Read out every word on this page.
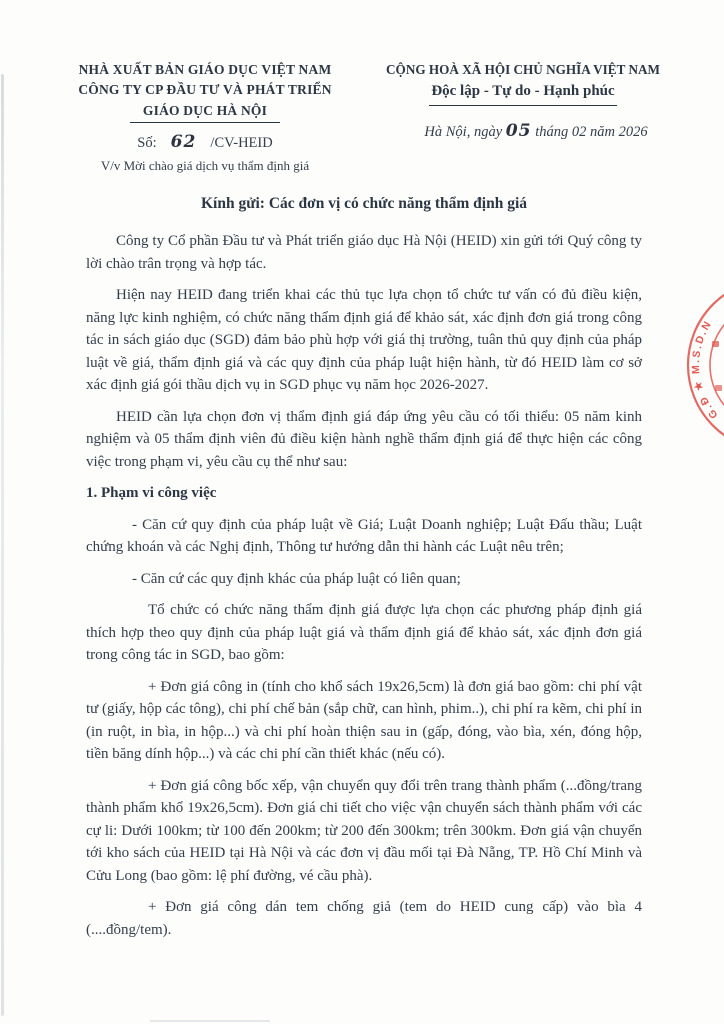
NHÀ XUẤT BẢN GIÁO DỤC VIỆT NAM
CÔNG TY CP ĐẦU TƯ VÀ PHÁT TRIỂN
GIÁO DỤC HÀ NỘI
Số: 62 /CV-HEID
V/v Mời chào giá dịch vụ thẩm định giá
CỘNG HOÀ XÃ HỘI CHỦ NGHĨA VIỆT NAM
Độc lập - Tự do - Hạnh phúc
Hà Nội, ngày 05 tháng 02 năm 2026
Kính gửi: Các đơn vị có chức năng thẩm định giá

Công ty Cổ phần Đầu tư và Phát triển giáo dục Hà Nội (HEID) xin gửi tới Quý công ty lời chào trân trọng và hợp tác.

Hiện nay HEID đang triển khai các thủ tục lựa chọn tổ chức tư vấn có đủ điều kiện, năng lực kinh nghiệm, có chức năng thẩm định giá để khảo sát, xác định đơn giá trong công tác in sách giáo dục (SGD) đảm bảo phù hợp với giá thị trường, tuân thủ quy định của pháp luật về giá, thẩm định giá và các quy định của pháp luật hiện hành, từ đó HEID làm cơ sở xác định giá gói thầu dịch vụ in SGD phục vụ năm học 2026-2027.

HEID cần lựa chọn đơn vị thẩm định giá đáp ứng yêu cầu có tối thiểu: 05 năm kinh nghiệm và 05 thẩm định viên đủ điều kiện hành nghề thẩm định giá để thực hiện các công việc trong phạm vi, yêu cầu cụ thể như sau:

1. Phạm vi công việc

- Căn cứ quy định của pháp luật về Giá; Luật Doanh nghiệp; Luật Đấu thầu; Luật chứng khoán và các Nghị định, Thông tư hướng dẫn thi hành các Luật nêu trên;

- Căn cứ các quy định khác của pháp luật có liên quan;

Tổ chức có chức năng thẩm định giá được lựa chọn các phương pháp định giá thích hợp theo quy định của pháp luật giá và thẩm định giá để khảo sát, xác định đơn giá trong công tác in SGD, bao gồm:

+ Đơn giá công in (tính cho khổ sách 19x26,5cm) là đơn giá bao gồm: chi phí vật tư (giấy, hộp các tông), chi phí chế bản (sắp chữ, can hình, phim..), chi phí ra kẽm, chi phí in (in ruột, in bìa, in hộp...) và chi phí hoàn thiện sau in (gấp, đóng, vào bìa, xén, đóng hộp, tiền băng dính hộp...) và các chi phí cần thiết khác (nếu có).

+ Đơn giá công bốc xếp, vận chuyển quy đổi trên trang thành phẩm (...đồng/trang thành phẩm khổ 19x26,5cm). Đơn giá chi tiết cho việc vận chuyển sách thành phẩm với các cự li: Dưới 100km; từ 100 đến 200km; từ 200 đến 300km; trên 300km. Đơn giá vận chuyển tới kho sách của HEID tại Hà Nội và các đơn vị đầu mối tại Đà Nẵng, TP. Hồ Chí Minh và Cửu Long (bao gồm: lệ phí đường, vé cầu phà).

+ Đơn giá công dán tem chống giả (tem do HEID cung cấp) vào bìa 4 (....đồng/tem).

G.Đ ★ M.S.D.N
